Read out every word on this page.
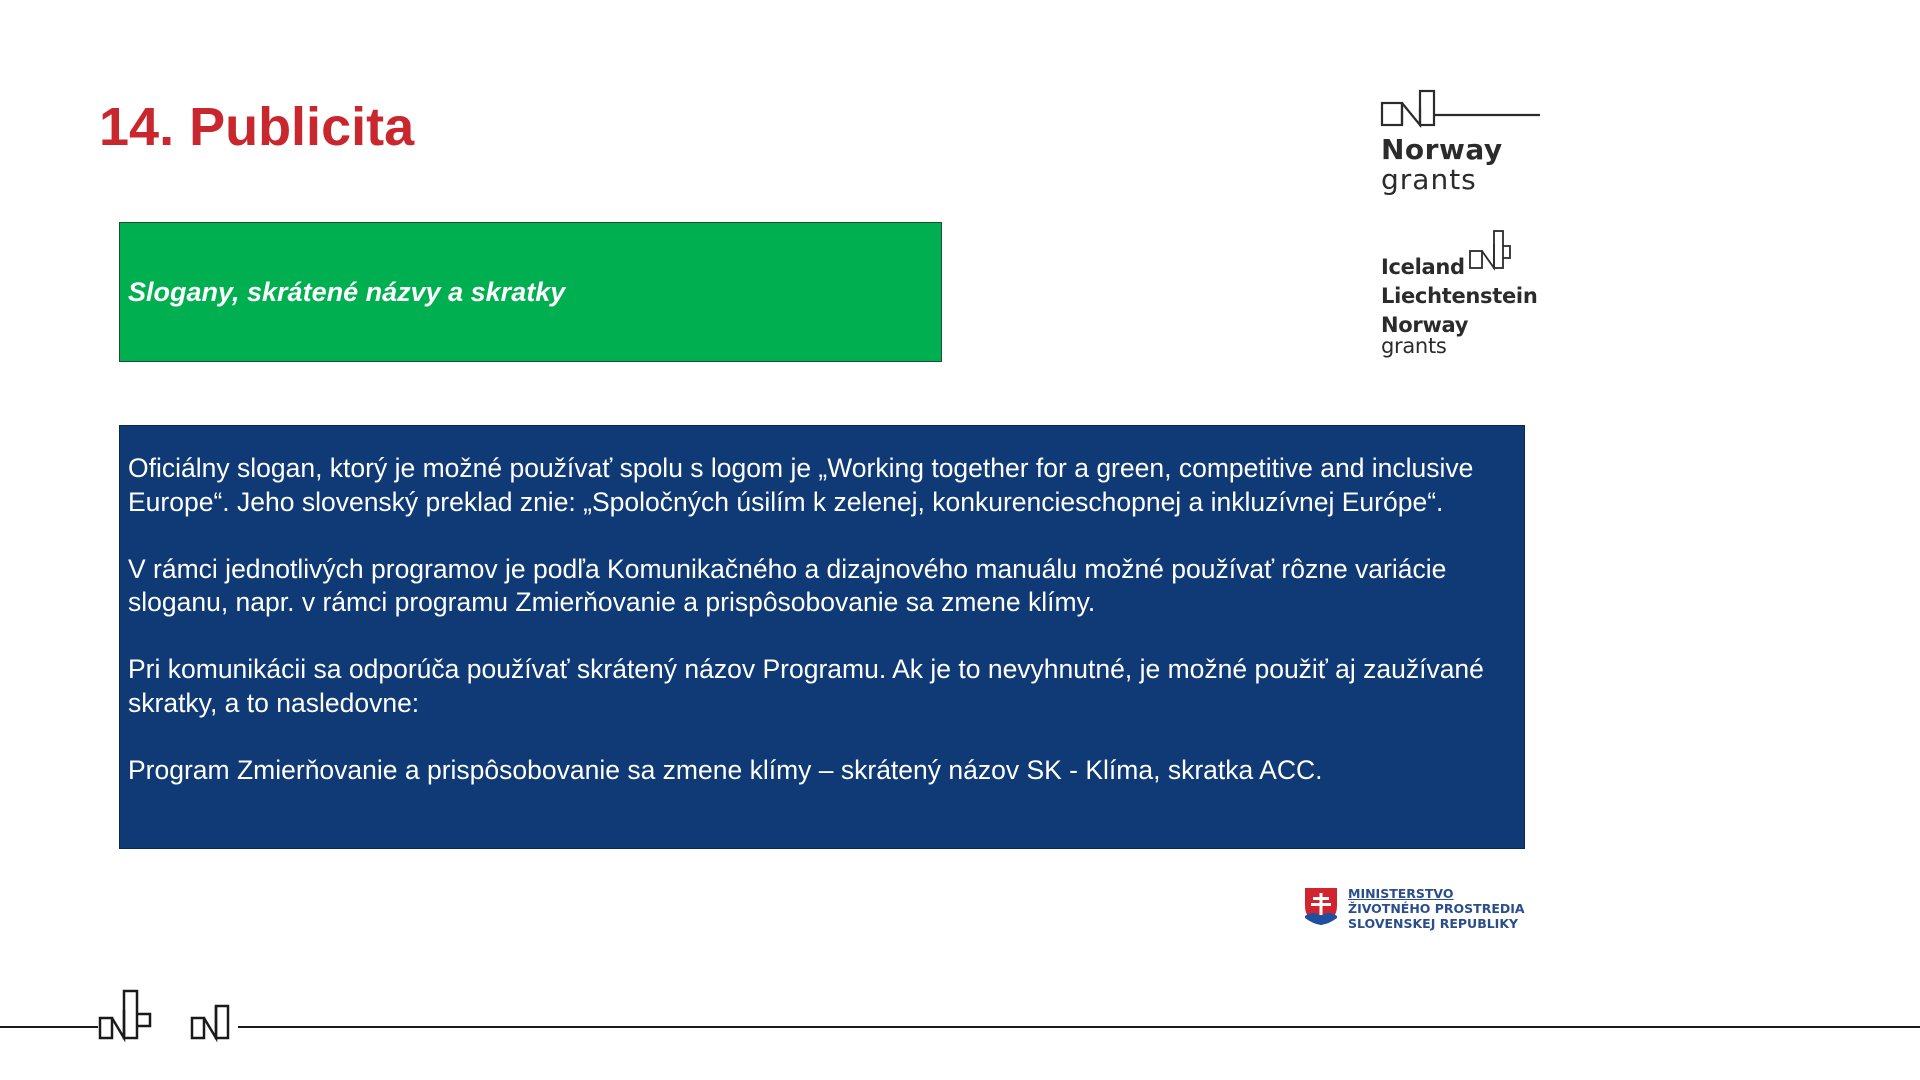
14. Publicita	Norway
grants
Iceland
Liechtenstein
Norway grants
Slogany, skrátené názvy a skratky

Oficiálny slogan, ktorý je možné používať spolu s logom je „Working together for a green, competitive and inclusive Europe“. Jeho slovenský preklad znie: „Spoločných úsilím k zelenej, konkurencieschopnej a inkluzívnej Európe“.

V rámci jednotlivých programov je podľa Komunikačného a dizajnového manuálu možné používať rôzne variácie sloganu, napr. v rámci programu Zmierňovanie a prispôsobovanie sa zmene klímy.

Pri komunikácii sa odporúča používať skrátený názov Programu. Ak je to nevyhnutné, je možné použiť aj zaužívané skratky, a to nasledovne:

Program Zmierňovanie a prispôsobovanie sa zmene klímy – skrátený názov SK - Klíma, skratka ACC.

MINISTERSTVO
ŽIVOTNÉHO PROSTREDIA
SLOVENSKEJ REPUBLIKY
